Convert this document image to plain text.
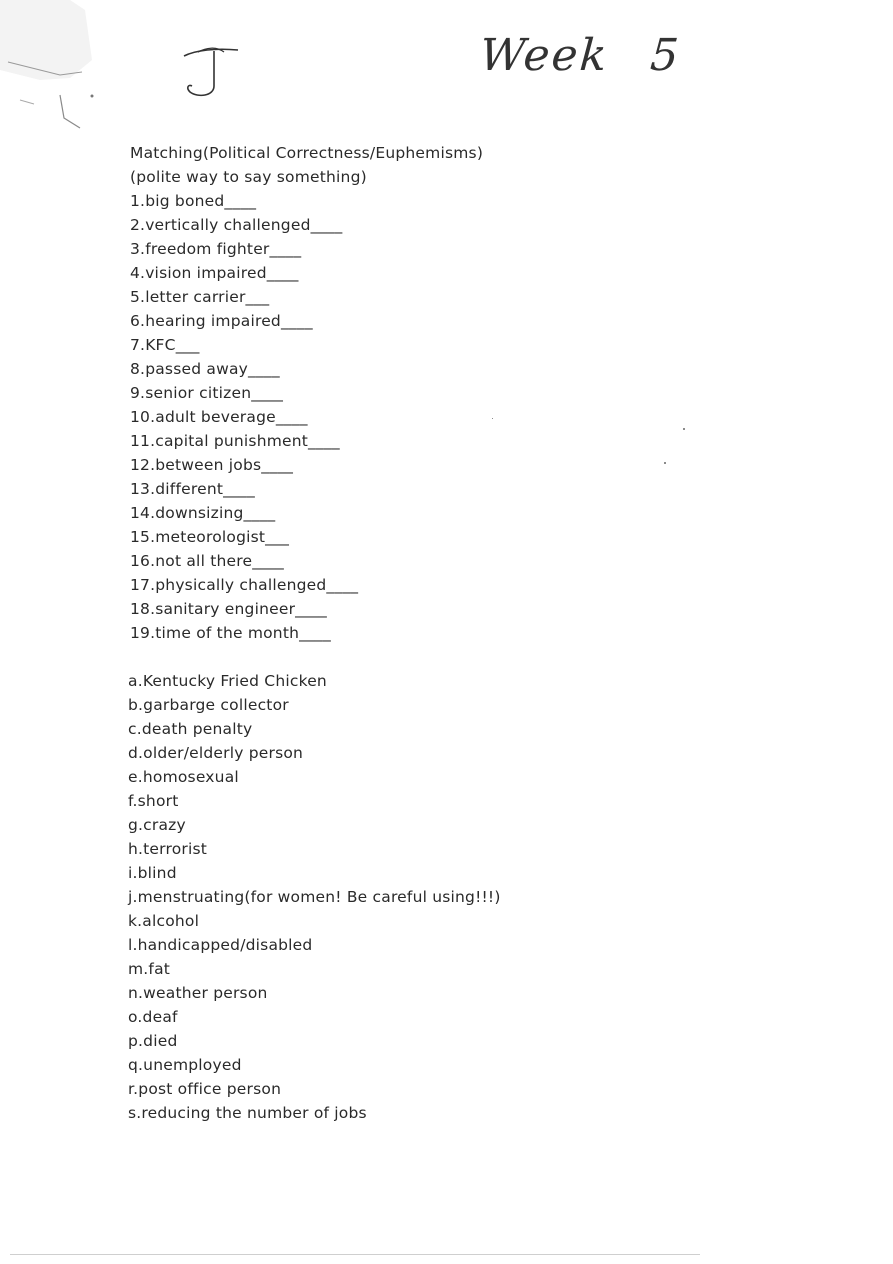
J	Week 5
Matching(Political Correctness/Euphemisms)
(polite way to say something)
1.big boned____
2.vertically challenged____
3.freedom fighter____
4.vision impaired____
5.letter carrier___
6.hearing impaired____
7.KFC___
8.passed away____
9.senior citizen____
10.adult beverage____
11.capital punishment____
12.between jobs____
13.different____
14.downsizing____
15.meteorologist___
16.not all there____
17.physically challenged____
18.sanitary engineer____
19.time of the month____
a.Kentucky Fried Chicken
b.garbarge collector
c.death penalty
d.older/elderly person
e.homosexual
f.short
g.crazy
h.terrorist
i.blind
j.menstruating(for women! Be careful using!!!)
k.alcohol
l.handicapped/disabled
m.fat
n.weather person
o.deaf
p.died
q.unemployed
r.post office person
s.reducing the number of jobs
